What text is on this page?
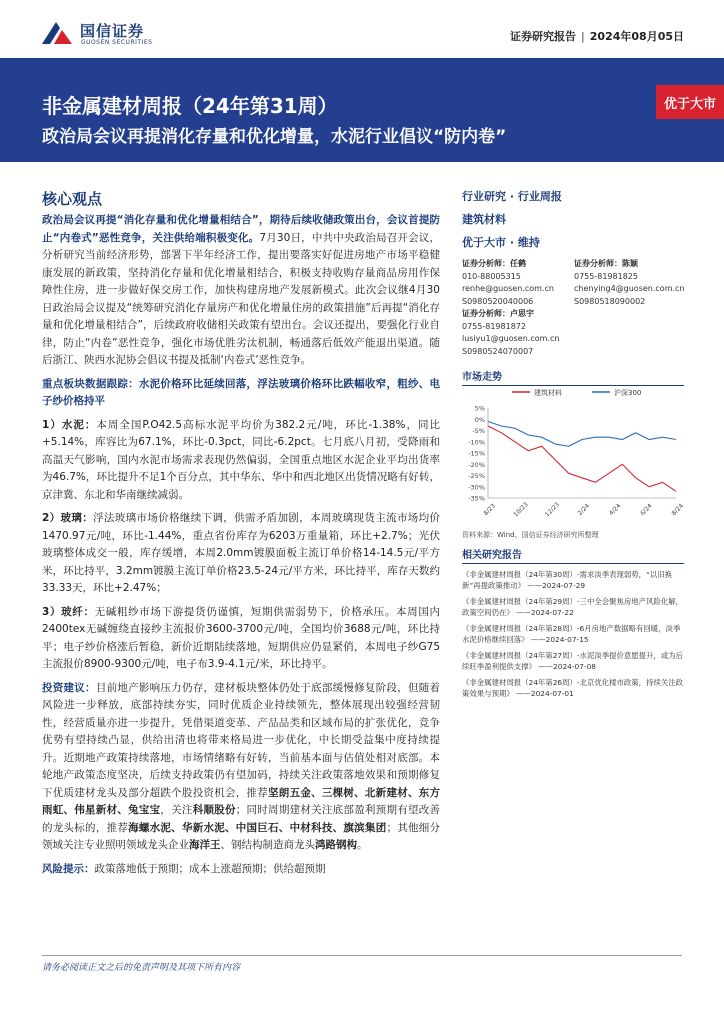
国信证券
GUOSEN SECURITIES	证券研究报告 | 2024年08月05日
非金属建材周报（24年第31周）
政治局会议再提消化存量和优化增量，水泥行业倡议“防内卷”
优于大市
核心观点

政治局会议再提“消化存量和优化增量相结合”，期待后续收储政策出台，会议首提防止“内卷式”恶性竞争，关注供给端积极变化。7月30日，中共中央政治局召开会议，分析研究当前经济形势，部署下半年经济工作，提出要落实好促进房地产市场平稳健康发展的新政策，坚持消化存量和优化增量相结合，积极支持收购存量商品房用作保障性住房，进一步做好保交房工作，加快构建房地产发展新模式。此次会议继4月30日政治局会议提及“统筹研究消化存量房产和优化增量住房的政策措施”后再提“消化存量和优化增量相结合”，后续政府收储相关政策有望出台。会议还提出，要强化行业自律，防止“内卷”恶性竞争，强化市场优胜劣汰机制，畅通落后低效产能退出渠道。随后浙江、陕西水泥协会倡议书提及抵制‘内卷式’恶性竞争。

重点板块数据跟踪：水泥价格环比延续回落，浮法玻璃价格环比跌幅收窄，粗纱、电子纱价格持平

1）水泥：本周全国P.O42.5高标水泥平均价为382.2元/吨，环比-1.38%，同比+5.14%，库容比为67.1%，环比-0.3pct，同比-6.2pct。七月底八月初，受降雨和高温天气影响，国内水泥市场需求表现仍然偏弱，全国重点地区水泥企业平均出货率为46.7%，环比提升不足1个百分点，其中华东、华中和西北地区出货情况略有好转，京津冀、东北和华南继续减弱。

2）玻璃：浮法玻璃市场价格继续下调，供需矛盾加剧，本周玻璃现货主流市场均价1470.97元/吨，环比-1.44%，重点省份库存为6203万重量箱，环比+2.7%；光伏玻璃整体成交一般，库存缓增，本周2.0mm镀膜面板主流订单价格14-14.5元/平方米，环比持平，3.2mm镀膜主流订单价格23.5-24元/平方米，环比持平，库存天数约33.33天，环比+2.47%；

3）玻纤：无碱粗纱市场下游提货仍谨慎，短期供需弱势下，价格承压。本周国内2400tex无碱缠绕直接纱主流报价3600-3700元/吨，全国均价3688元/吨，环比持平；电子纱价格涨后暂稳，新价近期陆续落地，短期供应仍显紧俏，本周电子纱G75主流报价8900-9300元/吨，电子布3.9-4.1元/米，环比持平。

投资建议：目前地产影响压力仍存，建材板块整体仍处于底部缓慢修复阶段，但随着风险进一步释放，底部持续夯实，同时优质企业持续领先，整体展现出较强经营韧性，经营质量亦进一步提升，凭借渠道变革、产品品类和区域布局的扩张优化，竞争优势有望持续凸显，供给出清也将带来格局进一步优化，中长期受益集中度持续提升。近期地产政策持续落地，市场情绪略有好转，当前基本面与估值处相对底部。本轮地产政策态度坚决，后续支持政策仍有望加码，持续关注政策落地效果和预期修复下优质建材龙头及部分超跌个股投资机会，推荐坚朗五金、三棵树、北新建材、东方雨虹、伟星新材、兔宝宝，关注科顺股份；同时周期建材关注底部盈利预期有望改善的龙头标的，推荐海螺水泥、华新水泥、中国巨石、中材科技、旗滨集团；其他细分领域关注专业照明领域龙头企业海洋王、钢结构制造商龙头鸿路钢构。

风险提示：政策落地低于预期；成本上涨超预期；供给超预期

行业研究 · 行业周报
建筑材料
优于大市 · 维持
证券分析师：任鹤
010-88005315
renhe@guosen.com.cn
S0980520040006
证券分析师：陈颖
0755-81981825
chenying4@guosen.com.cn
S0980518090002
证券分析师：卢思宇
0755-81981872
lusiyu1@guosen.com.cn
S0980524070007
市场走势
建筑材料	沪深300
5%
0%
-5%
-10%
-15%
-20%
-25%
-30%
-35%
8/23	10/23 12/23	2/24	4/24	6/24	8/24
资料来源：Wind、国信证券经济研究所整理
相关研究报告
《非金属建材周报（24年第30周）-需求淡季表现弱势，“以旧换新”再提政策推动》 ——2024-07-29
《非金属建材周报（24年第29周）-三中全会聚焦房地产风险化解，政策空间仍在》 ——2024-07-22
《非金属建材周报（24年第28周）-6月房地产数据略有回暖，淡季水泥价格继续回落》 ——2024-07-15
《非金属建材周报（24年第27周）-水泥淡季提价意愿提升，或为后续旺季盈利提供支撑》 ——2024-07-08
《非金属建材周报（24年第26周）-北京优化楼市政策，持续关注政策效果与预期》 ——2024-07-01
请务必阅读正文之后的免责声明及其项下所有内容
